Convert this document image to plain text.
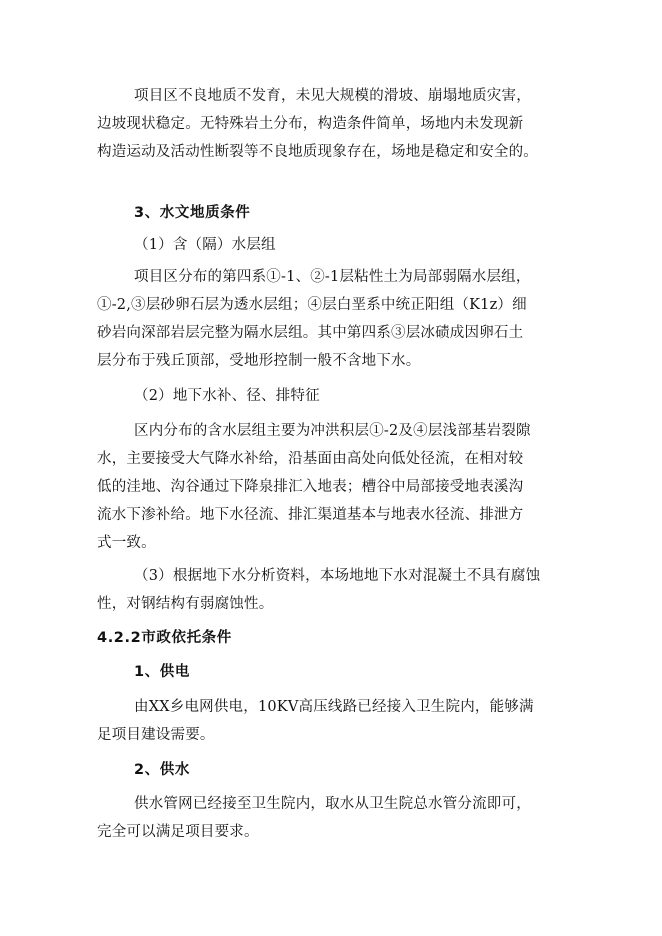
项目区不良地质不发育，未见大规模的滑坡、崩塌地质灾害，
边坡现状稳定。无特殊岩土分布，构造条件简单，场地内未发现新
构造运动及活动性断裂等不良地质现象存在，场地是稳定和安全的。
3、水文地质条件
（1）含（隔）水层组
项目区分布的第四系①-1、②-1层粘性土为局部弱隔水层组，
①-2,③层砂卵石层为透水层组；④层白垩系中统正阳组（K1z）细
砂岩向深部岩层完整为隔水层组。其中第四系③层冰碛成因卵石土
层分布于残丘顶部，受地形控制一般不含地下水。
（2）地下水补、径、排特征
区内分布的含水层组主要为冲洪积层①-2及④层浅部基岩裂隙
水，主要接受大气降水补给，沿基面由高处向低处径流，在相对较
低的洼地、沟谷通过下降泉排汇入地表；槽谷中局部接受地表溪沟
流水下渗补给。地下水径流、排汇渠道基本与地表水径流、排泄方
式一致。
（3）根据地下水分析资料，本场地地下水对混凝土不具有腐蚀
性，对钢结构有弱腐蚀性。
4.2.2市政依托条件
1、供电
由XX乡电网供电，10KV高压线路已经接入卫生院内，能够满
足项目建设需要。
2、供水
供水管网已经接至卫生院内，取水从卫生院总水管分流即可，
完全可以满足项目要求。
